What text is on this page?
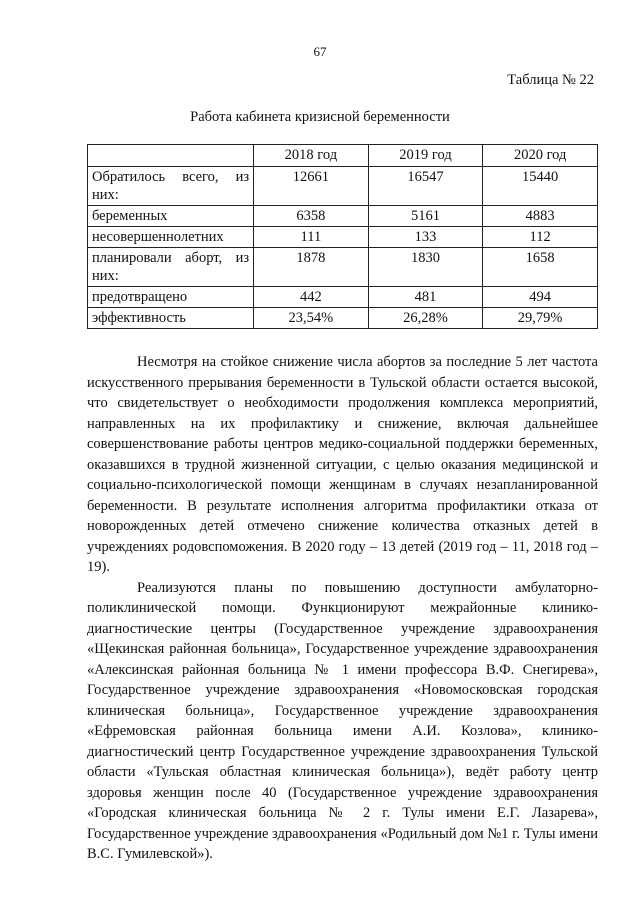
67
Таблица № 22
Работа кабинета кризисной беременности
	2018 год	2019 год	2020 год
Обратилось всего, из них:	12661	16547	15440
беременных	6358	5161	4883
несовершеннолетних	111	133	112
планировали аборт, из них:	1878	1830	1658
предотвращено	442	481	494
эффективность	23,54%	26,28%	29,79%

Несмотря на стойкое снижение числа абортов за последние 5 лет частота искусственного прерывания беременности в Тульской области остается высокой, что свидетельствует о необходимости продолжения комплекса мероприятий, направленных на их профилактику и снижение, включая дальнейшее совершенствование работы центров медико-социальной поддержки беременных, оказавшихся в трудной жизненной ситуации, с целью оказания медицинской и социально-психологической помощи женщинам в случаях незапланированной беременности. В результате исполнения алгоритма профилактики отказа от новорожденных детей отмечено снижение количества отказных детей в учреждениях родовспоможения. В 2020 году – 13 детей (2019 год – 11, 2018 год – 19).

Реализуются планы по повышению доступности амбулаторно-поликлинической помощи. Функционируют межрайонные клинико-диагностические центры (Государственное учреждение здравоохранения «Щекинская районная больница», Государственное учреждение здравоохранения «Алексинская районная больница № 1 имени профессора В.Ф. Снегирева», Государственное учреждение здравоохранения «Новомосковская городская клиническая больница», Государственное учреждение здравоохранения «Ефремовская районная больница имени А.И. Козлова», клинико-диагностический центр Государственное учреждение здравоохранения Тульской области «Тульская областная клиническая больница»), ведёт работу центр здоровья женщин после 40 (Государственное учреждение здравоохранения «Городская клиническая больница № 2 г. Тулы имени Е.Г. Лазарева», Государственное учреждение здравоохранения «Родильный дом №1 г. Тулы имени В.С. Гумилевской»).
